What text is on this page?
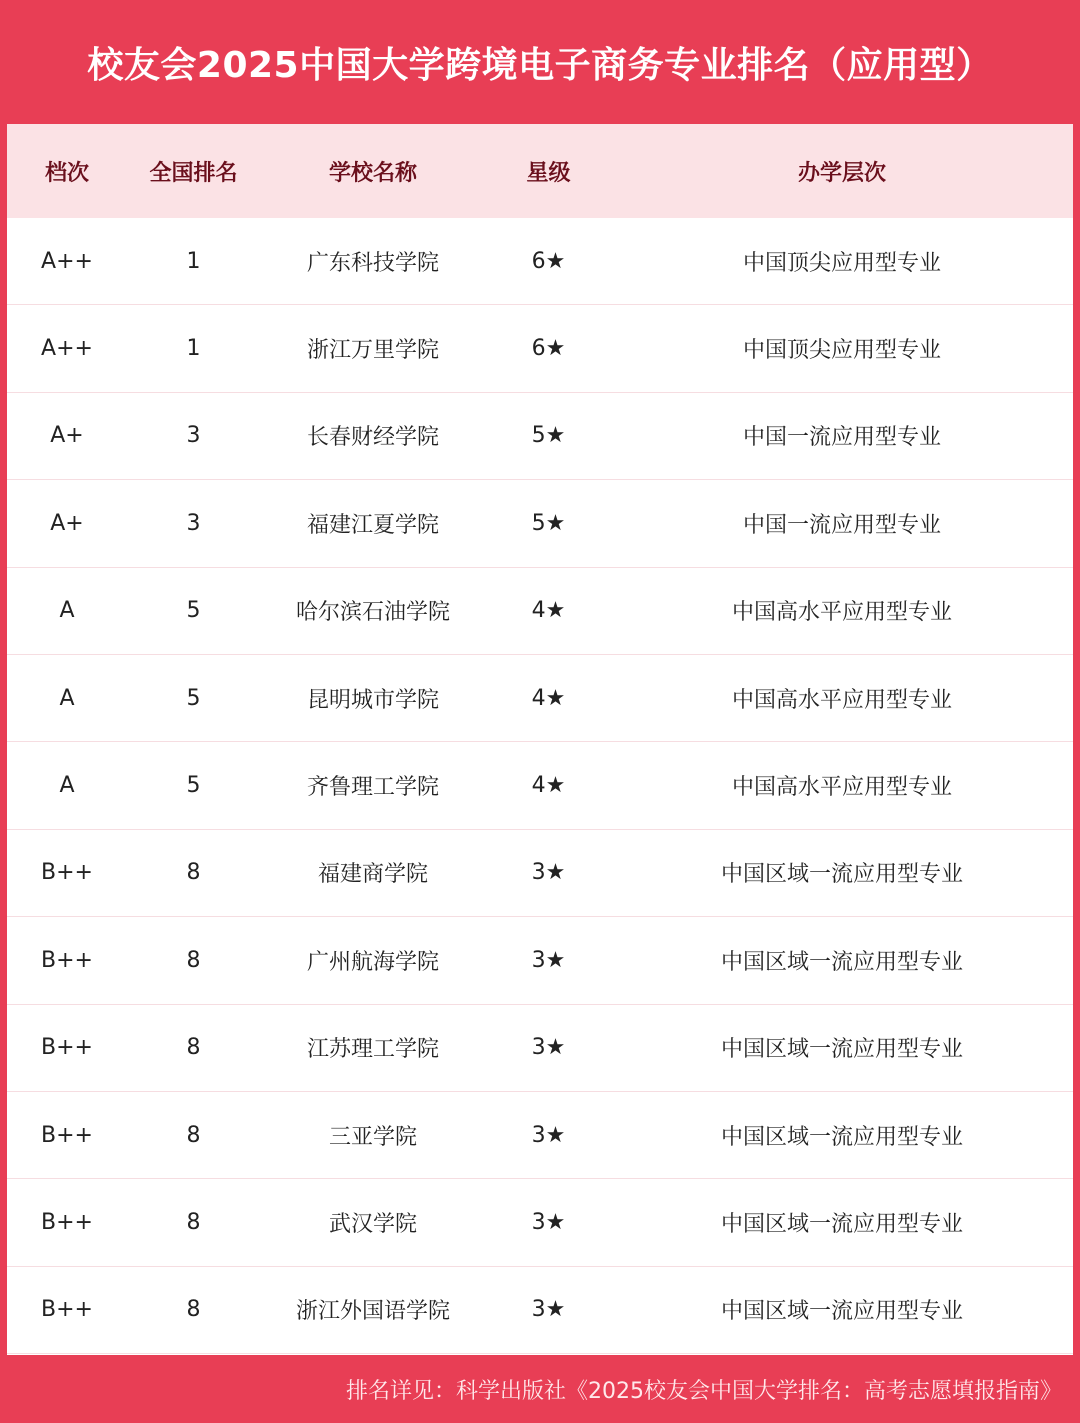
校友会2025中国大学跨境电子商务专业排名（应用型）
档次	全国排名	学校名称	星级	办学层次
A++	1	广东科技学院	6★	中国顶尖应用型专业
A++	1	浙江万里学院	6★	中国顶尖应用型专业
A+	3	长春财经学院	5★	中国一流应用型专业
A+	3	福建江夏学院	5★	中国一流应用型专业
A	5	哈尔滨石油学院	4★	中国高水平应用型专业
A	5	昆明城市学院	4★	中国高水平应用型专业
A	5	齐鲁理工学院	4★	中国高水平应用型专业
B++	8	福建商学院	3★	中国区域一流应用型专业
B++	8	广州航海学院	3★	中国区域一流应用型专业
B++	8	江苏理工学院	3★	中国区域一流应用型专业
B++	8	三亚学院	3★	中国区域一流应用型专业
B++	8	武汉学院	3★	中国区域一流应用型专业
B++	8	浙江外国语学院	3★	中国区域一流应用型专业
排名详见：科学出版社《2025校友会中国大学排名：高考志愿填报指南》
